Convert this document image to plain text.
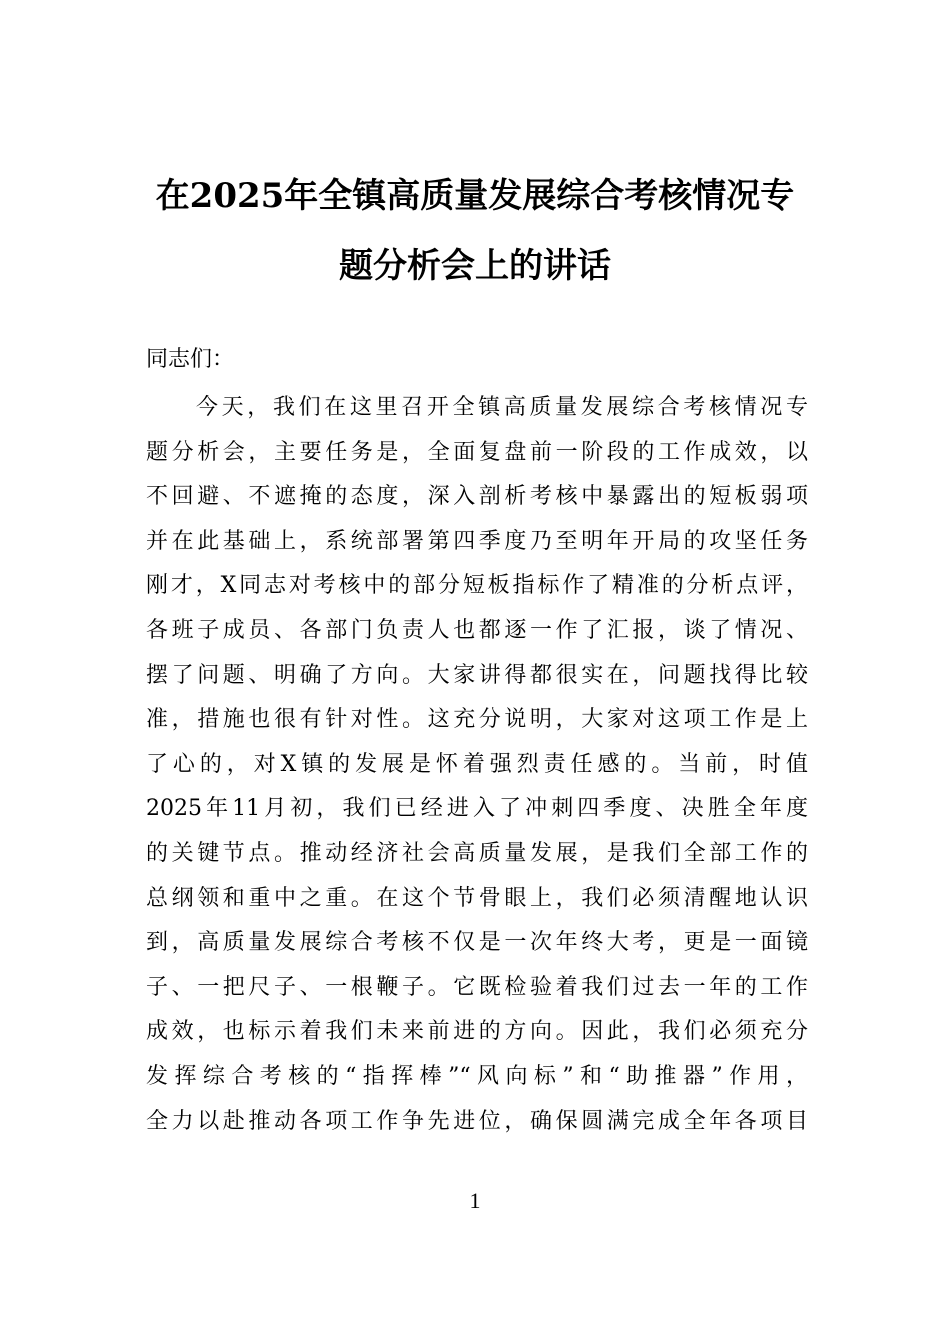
在2025年全镇高质量发展综合考核情况专
题分析会上的讲话
同志们：
今天，我们在这里召开全镇高质量发展综合考核情况专
题分析会，主要任务是，全面复盘前一阶段的工作成效，以
不回避、不遮掩的态度，深入剖析考核中暴露出的短板弱项
并在此基础上，系统部署第四季度乃至明年开局的攻坚任务
刚才，X同志对考核中的部分短板指标作了精准的分析点评，
各班子成员、各部门负责人也都逐一作了汇报，谈了情况、
摆了问题、明确了方向。大家讲得都很实在，问题找得比较
准，措施也很有针对性。这充分说明，大家对这项工作是上
了心的，对X镇的发展是怀着强烈责任感的。当前，时值
2025年11月初，我们已经进入了冲刺四季度、决胜全年度
的关键节点。推动经济社会高质量发展，是我们全部工作的
总纲领和重中之重。在这个节骨眼上，我们必须清醒地认识
到，高质量发展综合考核不仅是一次年终大考，更是一面镜
子、一把尺子、一根鞭子。它既检验着我们过去一年的工作
成效，也标示着我们未来前进的方向。因此，我们必须充分
发挥综合考核的“指挥棒”“风向标”和“助推器”作用，
全力以赴推动各项工作争先进位，确保圆满完成全年各项目
1
